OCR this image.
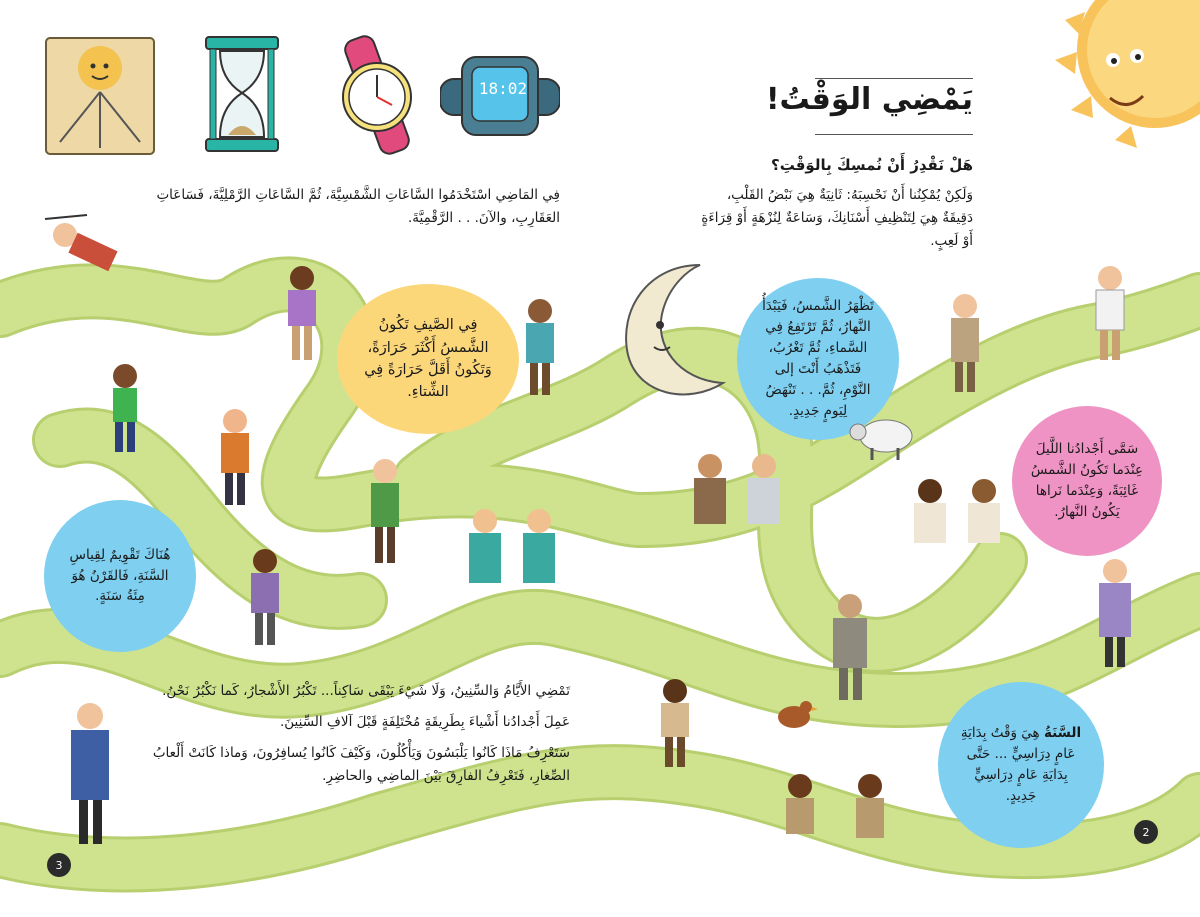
18:02	يَمْضِي الوَقْتُ!
هَلْ نَقْدِرُ أَنْ نُمسِكَ بِالوَقْتِ؟

وَلَكِنْ يُمْكِنُنا أَنْ نَحْسِبَهُ: ثَانِيَةٌ هِيَ نَبْضُ القَلْبِ،

دَقِيقَةٌ هِيَ لِتَنْظِيفِ أَسْنَانِكَ، وَسَاعَةٌ لِنُزْهَةٍ أَوْ قِرَاءَةٍ أَوْ لَعِبٍ.

فِي المَاضِي اسْتَخْدَمُوا السَّاعَاتِ الشَّمْسِيَّةَ، ثُمَّ السَّاعَاتِ الرَّمْلِيَّةَ، فَسَاعَاتِ

العَقَارِبِ، والآنَ. . . الرَّقْمِيَّةَ.

فِي الصَّيفِ تَكُونُ الشَّمسُ أَكْثَرَ حَرَارَةً، وَتَكُونُ أَقَلَّ حَرَارَةً فِي الشِّتاءِ.

تَظْهَرُ الشَّمسُ، فَيَبْدَأُ النَّهارُ، ثُمَّ تَرْتَفِعُ فِي السَّماءِ، ثُمَّ تَغْرُبُ، فَتَذْهَبُ أَنْتَ إلى النَّوْمِ، ثُمَّ. . . تَنْهَضُ لِيَومٍ جَدِيدٍ.

سَمَّى أَجْدادُنا اللَّيلَ عِنْدَما تَكُونُ الشَّمسُ غَائِبَةً، وَعِنْدَما نَراها يَكُونُ النَّهارُ.

هُنَاكَ تَقْوِيمٌ لِقِياسِ السَّنَةِ، فَالقَرْنُ هُوَ مِئَةُ سَنَةٍ.

السَّنَةُ هِيَ وَقْتُ بِدَايَةِ عَامٍ دِرَاسِيٍّ ... حَتَّى بِدَايَةِ عَامٍ دِرَاسِيٍّ جَدِيدٍ.

تَمْضِي الأَيَّامُ وَالسِّنِينُ، وَلَا شَيْءَ يَبْقَى سَاكِناً... تَكْبُرُ الأَشْجارُ، كَما نَكْبُرُ نَحْنُ.

عَمِلَ أَجْدادُنا أَشْياءَ بِطَرِيقَةٍ مُخْتَلِفَةٍ قَبْلَ آلافِ السِّنِينَ.

سَتَعْرِفُ مَاذَا كَانُوا يَلْبَسُونَ وَيَأْكُلُونَ، وَكَيْفَ كَانُوا يُسافِرُونَ، وَماذا كَانَتْ أَلْعابُ الصِّغارِ، فَتَعْرِفُ الفارِقَ بَيْنَ الماضِي والحاضِرِ.

3
2
